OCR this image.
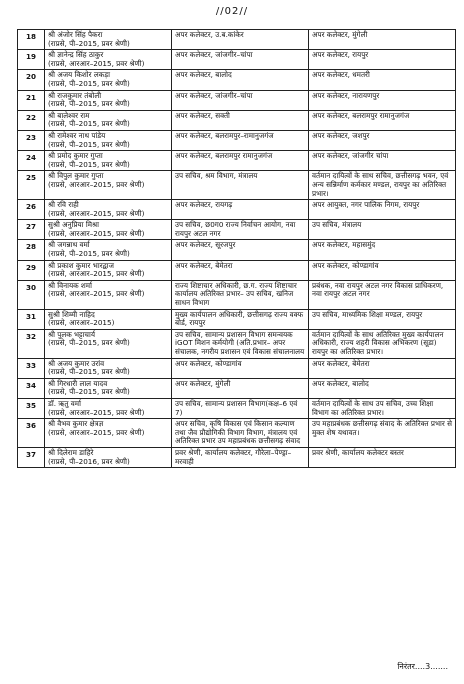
//02//
18	श्री अंजोर सिंह पैकरा
(राप्रसे, पी–2015, प्रवर श्रेणी)	अपर कलेक्टर, उ.ब.कांकेर	अपर कलेक्टर, मुंगेली
19	श्री ज्ञानेन्द्र सिंह ठाकुर
(राप्रसे, आरआर–2015, प्रवर श्रेणी)	अपर कलेक्टर, जांजगीर–चांपा	अपर कलेक्टर, रायपुर
20	श्री अजय किशोर लकड़ा
(राप्रसे, पी–2015, प्रवर श्रेणी)	अपर कलेक्टर, बालोद	अपर कलेक्टर, धमतरी
21	श्री राजकुमार तंबोली
(राप्रसे, पी–2015, प्रवर श्रेणी)	अपर कलेक्टर, जांजगीर–चांपा	अपर कलेक्टर, नारायणपुर
22	श्री बालेश्वर राम
(राप्रसे, पी–2015, प्रवर श्रेणी)	अपर कलेक्टर, सक्ती	अपर कलेक्टर, बलरामपुर रामानुजगंज
23	श्री रामेश्वर नाथ पांडेय
(राप्रसे, पी–2015, प्रवर श्रेणी)	अपर कलेक्टर, बलरामपुर–रामानुजगंज	अपर कलेक्टर, जशपुर
24	श्री प्रमोद कुमार गुप्ता
(राप्रसे, पी–2015, प्रवर श्रेणी)	अपर कलेक्टर, बलरामपुर रामानुजगंज	अपर कलेक्टर, जांजगीर चांपा
25	श्री विपुल कुमार गुप्ता
(राप्रसे, आरआर–2015, प्रवर श्रेणी)	उप सचिव, श्रम विभाग, मंत्रालय	वर्तमान दायित्वों के साथ सचिव, छत्तीसगढ़ भवन, एवं अन्य सन्निर्माण कर्मकार मण्डल, रायपुर का अतिरिक्त प्रभार।
26	श्री रवि राही
(राप्रसे, आरआर–2015, प्रवर श्रेणी)	अपर कलेक्टर, रायगढ़	अपर आयुक्त, नगर पालिक निगम, रायपुर
27	सुश्री अनुप्रिया मिश्रा
(राप्रसे, आरआर–2015, प्रवर श्रेणी)	उप सचिव, छ0ग0 राज्य निर्वाचन आयोग, नवा रायपुर अटल नगर	उप सचिव, मंत्रालय
28	श्री जगन्नाथ वर्मा
(राप्रसे, पी–2015, प्रवर श्रेणी)	अपर कलेक्टर, सूरजपुर	अपर कलेक्टर, महासमुंद
29	श्री प्रकाश कुमार भारद्वाज
(राप्रसे, आरआर–2015, प्रवर श्रेणी)	अपर कलेक्टर, बेमेतरा	अपर कलेक्टर, कोण्डागांव
30	श्री विनायक शर्मा
(राप्रसे, आरआर–2015, प्रवर श्रेणी)	राज्य शिष्टाचार अधिकारी, छ.ग. राज्य शिष्टाचार कार्यालय अतिरिक्त प्रभार– उप सचिव, खनिज साधन विभाग	प्रबंधक, नवा रायपुर अटल नगर विकास प्राधिकरण, नवा रायपुर अटल नगर
31	सुश्री शिम्मी नाहिद
(राप्रसे, आरआर–2015)	मुख्य कार्यपालन अधिकारी, छत्तीसगढ़ राज्य वक्फ बोर्ड, रायपुर	उप सचिव, माध्यमिक शिक्षा मण्डल, रायपुर
32	श्री पुलक भट्टाचार्य
(राप्रसे, पी–2015, प्रवर श्रेणी)	उप सचिव, सामान्य प्रशासन विभाग समन्वयक iGOT मिशन कर्मयोगी (अति.प्रभार– अपर संचालक, नगरीय प्रशासन एवं विकास संचालनालय	वर्तमान दायित्वों के साथ अतिरिक्त मुख्य कार्यपालन अधिकारी, राज्य शहरी विकास अभिकरण (सूडा) रायपुर का अतिरिक्त प्रभार।
33	श्री अजय कुमार उरांव
(राप्रसे, पी–2015, प्रवर श्रेणी)	अपर कलेक्टर, कोण्डागांव	अपर कलेक्टर, बेमेतरा
34	श्री गिरधारी लाल यादव
(राप्रसे, पी–2015, प्रवर श्रेणी)	अपर कलेक्टर, मुंगेली	अपर कलेक्टर, बालोद
35	डॉ. ऋतु वर्मा
(राप्रसे, आरआर–2015, प्रवर श्रेणी)	उप सचिव, सामान्य प्रशासन विभाग(कक्ष–6 एवं 7)	वर्तमान दायित्वों के साथ उप सचिव, उच्च शिक्षा विभाग का अतिरिक्त प्रभार।
36	श्री वैभव कुमार क्षेत्रज्ञ
(राप्रसे, आरआर–2015, प्रवर श्रेणी)	अपर सचिव, कृषि विकास एवं किसान कल्याण तथा जैव प्रौद्योगिकी विभाग विभाग, मंत्रालय एवं अतिरिक्त प्रभार उप महाप्रबंधक छत्तीसगढ़ संवाद	उप महाप्रबंधक छत्तीसगढ़ संवाद के अतिरिक्त प्रभार से मुक्त शेष यथावत।
37	श्री दिलेराम डाहिरे
(राप्रसे, पी–2016, प्रवर श्रेणी)	प्रवर श्रेणी, कार्यालय कलेक्टर, गौरेला–पेण्ड्रा–मरवाही	प्रवर श्रेणी, कार्यालय कलेक्टर बस्तर
निरंतर....3.......
